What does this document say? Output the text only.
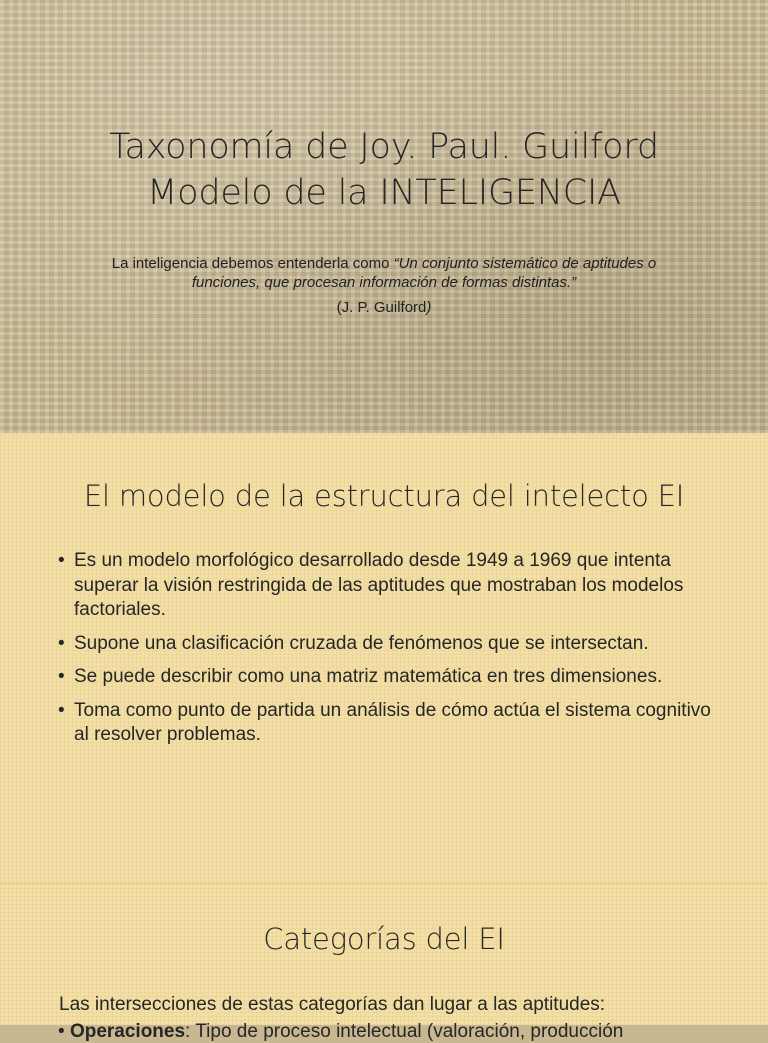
Taxonomía de Joy. Paul. Guilford
Modelo de la INTELIGENCIA
La inteligencia debemos entenderla como “Un conjunto sistemático de aptitudes o funciones, que procesan información de formas distintas.”
(J. P. Guilford)
El modelo de la estructura del intelecto EI
• Es un modelo morfológico desarrollado desde 1949 a 1969 que intenta superar la visión restringida de las aptitudes que mostraban los modelos factoriales.
• Supone una clasificación cruzada de fenómenos que se intersectan.
• Se puede describir como una matriz matemática en tres dimensiones.
• Toma como punto de partida un análisis de cómo actúa el sistema cognitivo al resolver problemas.
Categorías del EI
Las intersecciones de estas categorías dan lugar a las aptitudes:
• Operaciones: Tipo de proceso intelectual (valoración, producción
